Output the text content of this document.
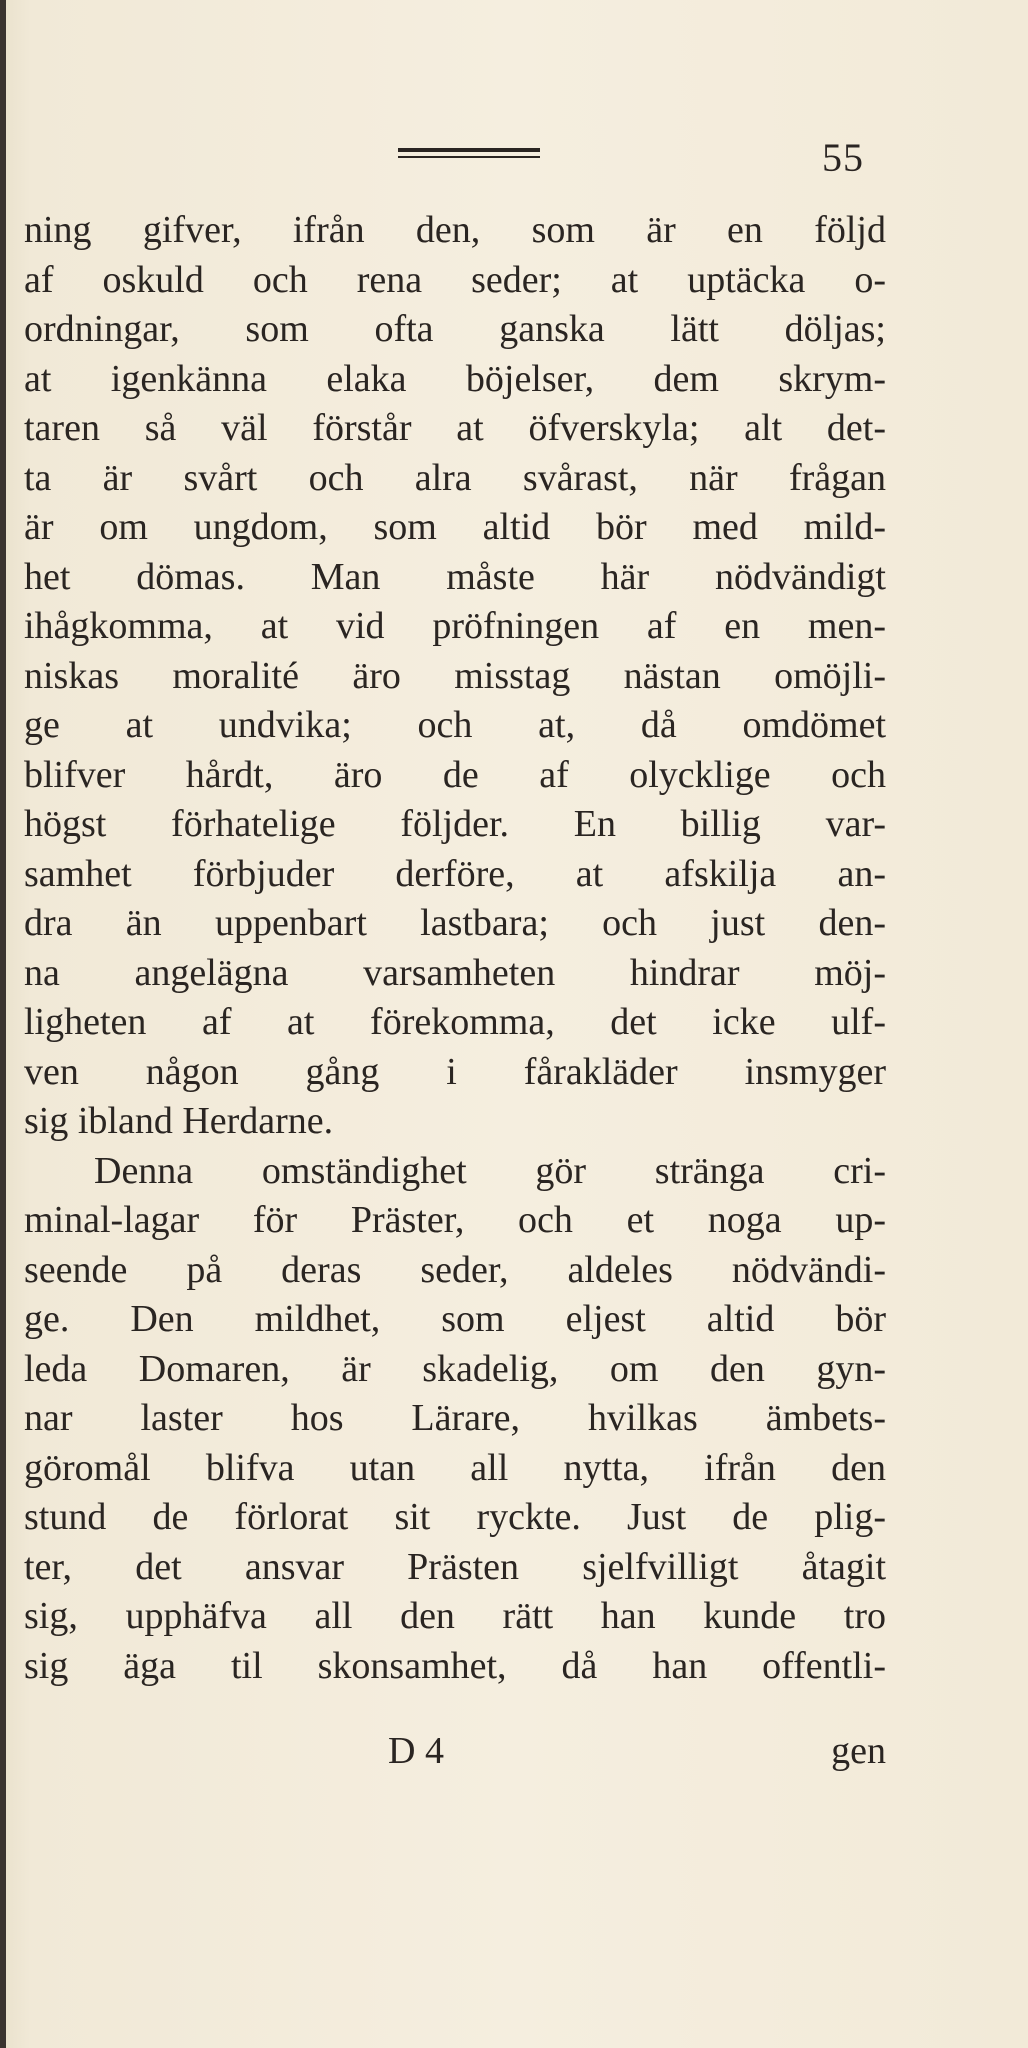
55
ning gifver, ifrån den, som är en följd
af oskuld och rena seder; at uptäcka o-
ordningar, som ofta ganska lätt döljas;
at igenkänna elaka böjelser, dem skrym-
taren så väl förstår at öfverskyla; alt det-
ta är svårt och alra svårast, när frågan
är om ungdom, som altid bör med mild-
het dömas. Man måste här nödvändigt
ihågkomma, at vid pröfningen af en men-
niskas moralité äro misstag nästan omöjli-
ge at undvika; och at, då omdömet
blifver hårdt, äro de af olycklige och
högst förhatelige följder. En billig var-
samhet förbjuder derföre, at afskilja an-
dra än uppenbart lastbara; och just den-
na angelägna varsamheten hindrar möj-
ligheten af at förekomma, det icke ulf-
ven någon gång i fårakläder insmyger
sig ibland Herdarne.
Denna omständighet gör stränga cri-
minal-lagar för Präster, och et noga up-
seende på deras seder, aldeles nödvändi-
ge. Den mildhet, som eljest altid bör
leda Domaren, är skadelig, om den gyn-
nar laster hos Lärare, hvilkas ämbets-
göromål blifva utan all nytta, ifrån den
stund de förlorat sit ryckte. Just de plig-
ter, det ansvar Prästen sjelfvilligt åtagit
sig, upphäfva all den rätt han kunde tro
sig äga til skonsamhet, då han offentli-
D 4	gen
